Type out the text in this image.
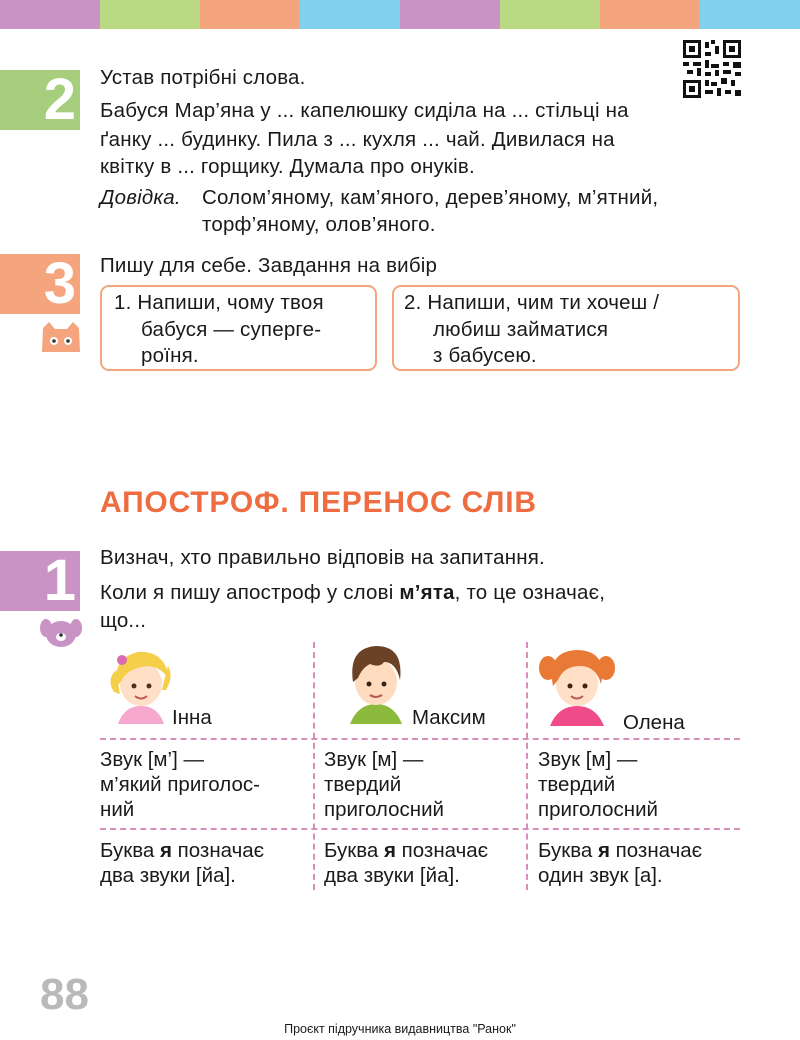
2 Устав потрібні слова.
Бабуся Мар’яна у ... капелюшку сиділа на ... стільці на
ґанку ... будинку. Пила з ... кухля ... чай. Дивилася на
квітку в ... горщику. Думала про онуків.
Довідка. Солом’яному, кам’яного, дерев’яному, м’ятний,
торф’яному, олов’яного.
3 Пишу для себе. Завдання на вибір
1. Напиши, чому твоя
бабуся — суперге-
роїня.
2. Напиши, чим ти хочеш /
любиш займатися
з бабусею.
АПОСТРОФ. ПЕРЕНОС СЛІВ
1 Визнач, хто правильно відповів на запитання.
Коли я пишу апостроф у слові м’ята, то це означає,
що...
Інна	Максим	Олена
Звук [м’] —
м’який приголос-
ний
Буква я позначає
два звуки [йа].
Звук [м] —
твердий
приголосний
Буква я позначає
два звуки [йа].
Звук [м] —
твердий
приголосний
Буква я позначає
один звук [а].
88
Проєкт підручника видавництва "Ранок"
